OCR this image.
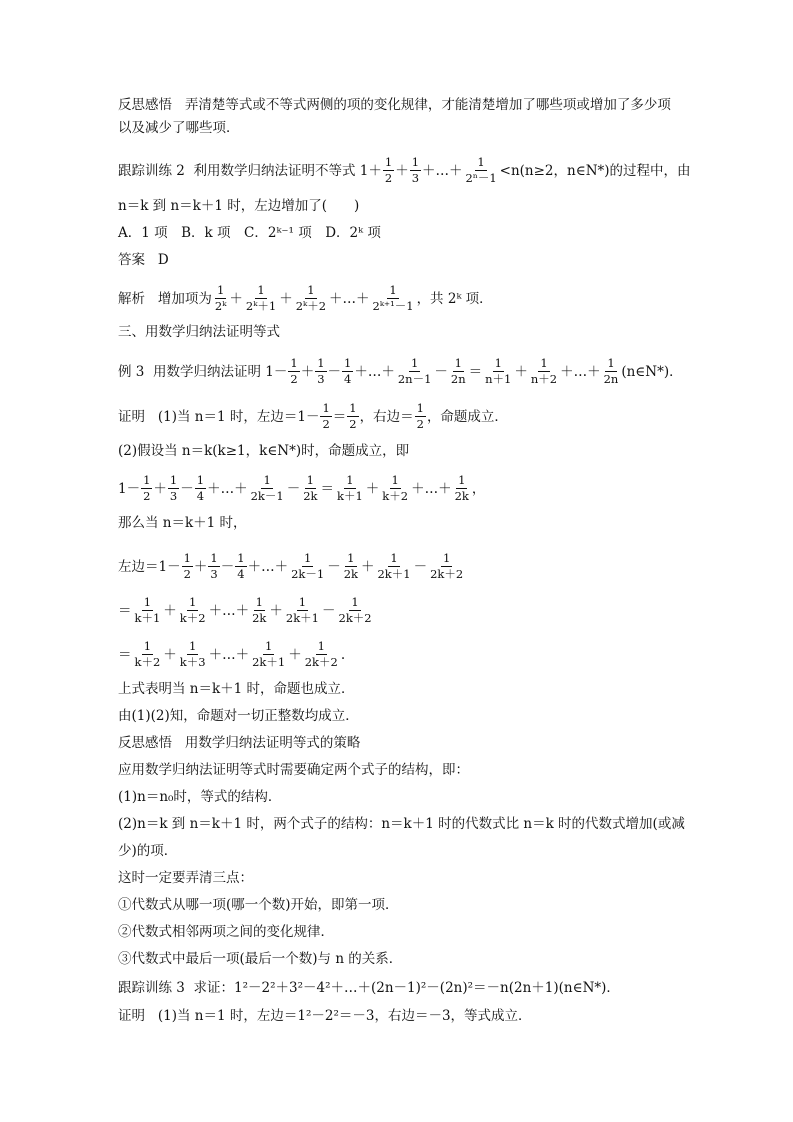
反思感悟 弄清楚等式或不等式两侧的项的变化规律，才能清楚增加了哪些项或增加了多少项以及减少了哪些项．
跟踪训练 2
利用数学归纳法证明不等式 $1+ \frac{1}{2} + \frac{1}{3}$ ＋…＋ $\frac{1}{\text{2ⁿ－1}} <n(n\ge 2$，n∈N*)的过程中，由
n＝k 到 n＝k＋1 时，左边增加了(　　)
A．1 项　B．k 项　C．2ᵏ⁻¹ 项　D．2ᵏ 项
答案
D
解析
增加项为 $\frac{1}{\text{2ᵏ}} + \frac{1}{\text{2ᵏ＋1}} + \frac{1}{\text{2ᵏ＋2}}$ ＋…＋ $\frac{1}{\text{2ᵏ⁺¹－1}}$ ，共 2ᵏ 项．
三、用数学归纳法证明等式
例 3
用数学归纳法证明 $1- \frac{1}{2} + \frac{1}{3} - \frac{1}{4}$ ＋…＋ $\frac{1}{2n-1} - \frac{1}{2n} = \frac{1}{n+1} + \frac{1}{n+2}$ ＋…＋ $\frac{1}{2n}$ (n∈N*)．
证明
(1)当 n＝1 时，左边$=1- \frac{1}{2} = \frac{1}{2}$ ，右边＝ $\frac{1}{2}$ ，命题成立．
(2)假设当 n＝k(k≥1，k∈N*)时，命题成立，即
$1- \frac{1}{2} + \frac{1}{3} - \frac{1}{4}$ ＋…＋ $\frac{1}{2k-1} - \frac{1}{2k} = \frac{1}{k+1} + \frac{1}{k+2}$ ＋…＋ $\frac{1}{2k}$ ，
那么当 n＝k＋1 时，
左边$=1- \frac{1}{2} + \frac{1}{3} - \frac{1}{4}$ ＋…＋ $\frac{1}{2k-1} - \frac{1}{2k} + \frac{1}{2k+1} - \frac{1}{2k+2}$
＝ $\frac{1}{k+1} + \frac{1}{k+2}$ ＋…＋ $\frac{1}{2k} + \frac{1}{2k+1} - \frac{1}{2k+2}$
＝ $\frac{1}{k+2} + \frac{1}{k+3}$ ＋…＋ $\frac{1}{2k+1} + \frac{1}{2k+2}$ .
上式表明当 n＝k＋1 时，命题也成立．
由(1)(2)知，命题对一切正整数均成立．
反思感悟
用数学归纳法证明等式的策略
应用数学归纳法证明等式时需要确定两个式子的结构，即：
(1)n＝n₀时，等式的结构．
(2)n＝k 到 n＝k＋1 时，两个式子的结构：n＝k＋1 时的代数式比 n＝k 时的代数式增加(或减
少)的项．
这时一定要弄清三点：
①代数式从哪一项(哪一个数)开始，即第一项．
②代数式相邻两项之间的变化规律．
③代数式中最后一项(最后一个数)与 n 的关系．
跟踪训练 3
求证：1²－2²＋3²－4²＋…＋(2n－1)²－(2n)²＝－n(2n＋1)(n∈N*)．
证明
(1)当 n＝1 时，左边＝1²－2²＝－3，右边＝－3，等式成立．
